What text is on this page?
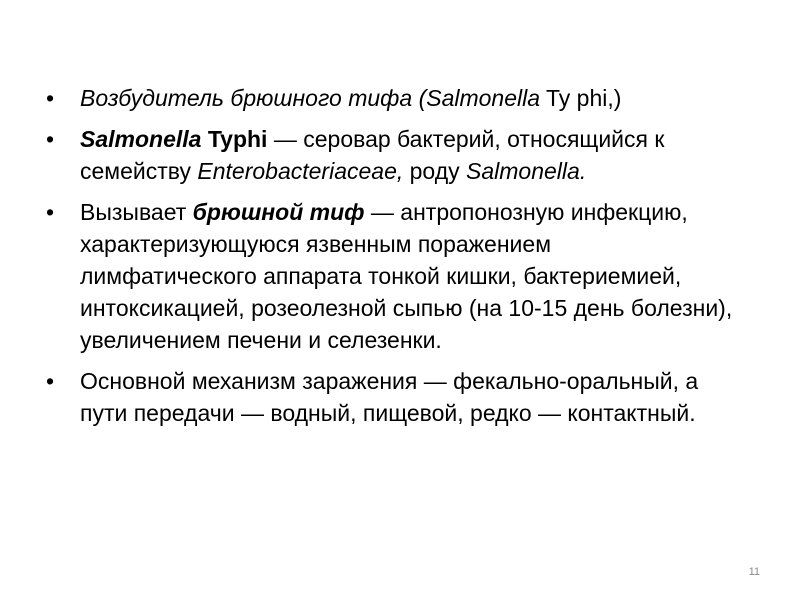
•	Возбудитель брюшного тифа (Salmonella Ty phi,)
•	Salmonella Typhi — серовар бактерий, относящийся к семейству Enterobacteriaceae, роду Salmonella.
•	Вызывает брюшной тиф — антропонозную инфекцию, характеризующуюся язвенным поражением лимфатического аппарата тонкой кишки, бактериемией, интоксикацией, розеолезной сыпью (на 10-15 день болезни), увеличением печени и селезенки.
•	Основной механизм заражения — фекально-оральный, а пути передачи — водный, пищевой, редко — контактный.
11
